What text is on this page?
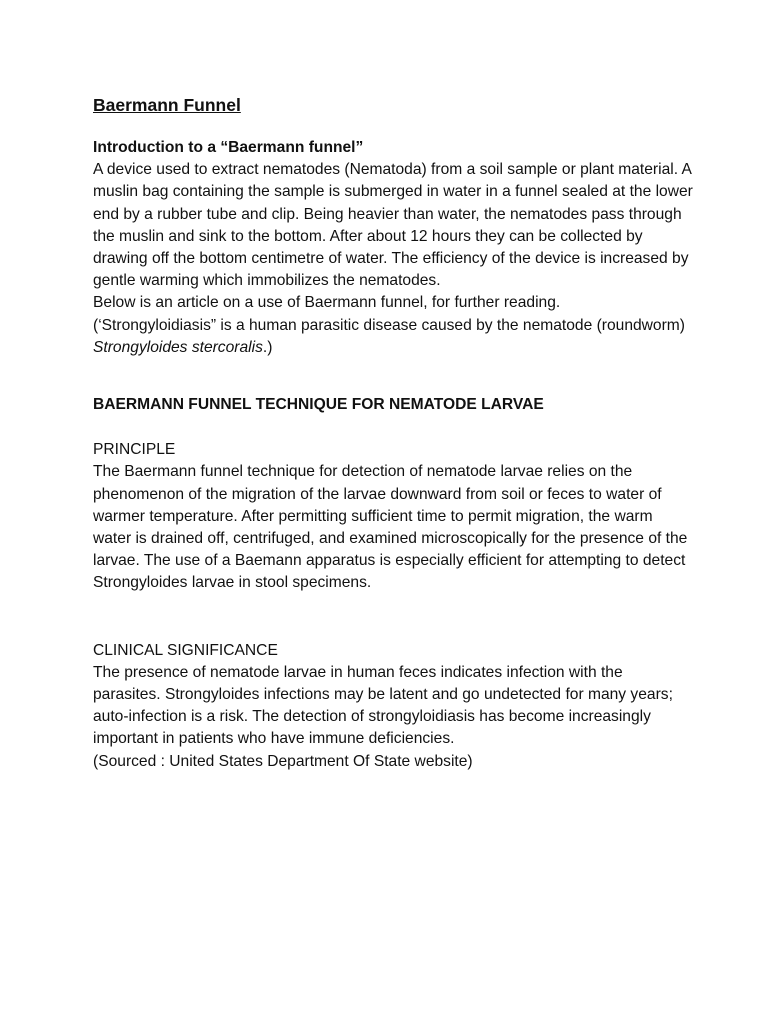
Baermann Funnel

Introduction to a “Baermann funnel”

A device used to extract nematodes (Nematoda) from a soil sample or plant material. A muslin bag containing the sample is submerged in water in a funnel sealed at the lower end by a rubber tube and clip. Being heavier than water, the nematodes pass through the muslin and sink to the bottom. After about 12 hours they can be collected by drawing off the bottom centimetre of water. The efficiency of the device is increased by gentle warming which immobilizes the nematodes.

Below is an article on a use of Baermann funnel, for further reading.

(‘Strongyloidiasis” is a human parasitic disease caused by the nematode (roundworm) Strongyloides stercoralis.)

BAERMANN FUNNEL TECHNIQUE FOR NEMATODE LARVAE

PRINCIPLE

The Baermann funnel technique for detection of nematode larvae relies on the phenomenon of the migration of the larvae downward from soil or feces to water of warmer temperature. After permitting sufficient time to permit migration, the warm water is drained off, centrifuged, and examined microscopically for the presence of the larvae. The use of a Baemann apparatus is especially efficient for attempting to detect Strongyloides larvae in stool specimens.

CLINICAL SIGNIFICANCE

The presence of nematode larvae in human feces indicates infection with the parasites. Strongyloides infections may be latent and go undetected for many years; auto-infection is a risk. The detection of strongyloidiasis has become increasingly important in patients who have immune deficiencies.

(Sourced : United States Department Of State website)
